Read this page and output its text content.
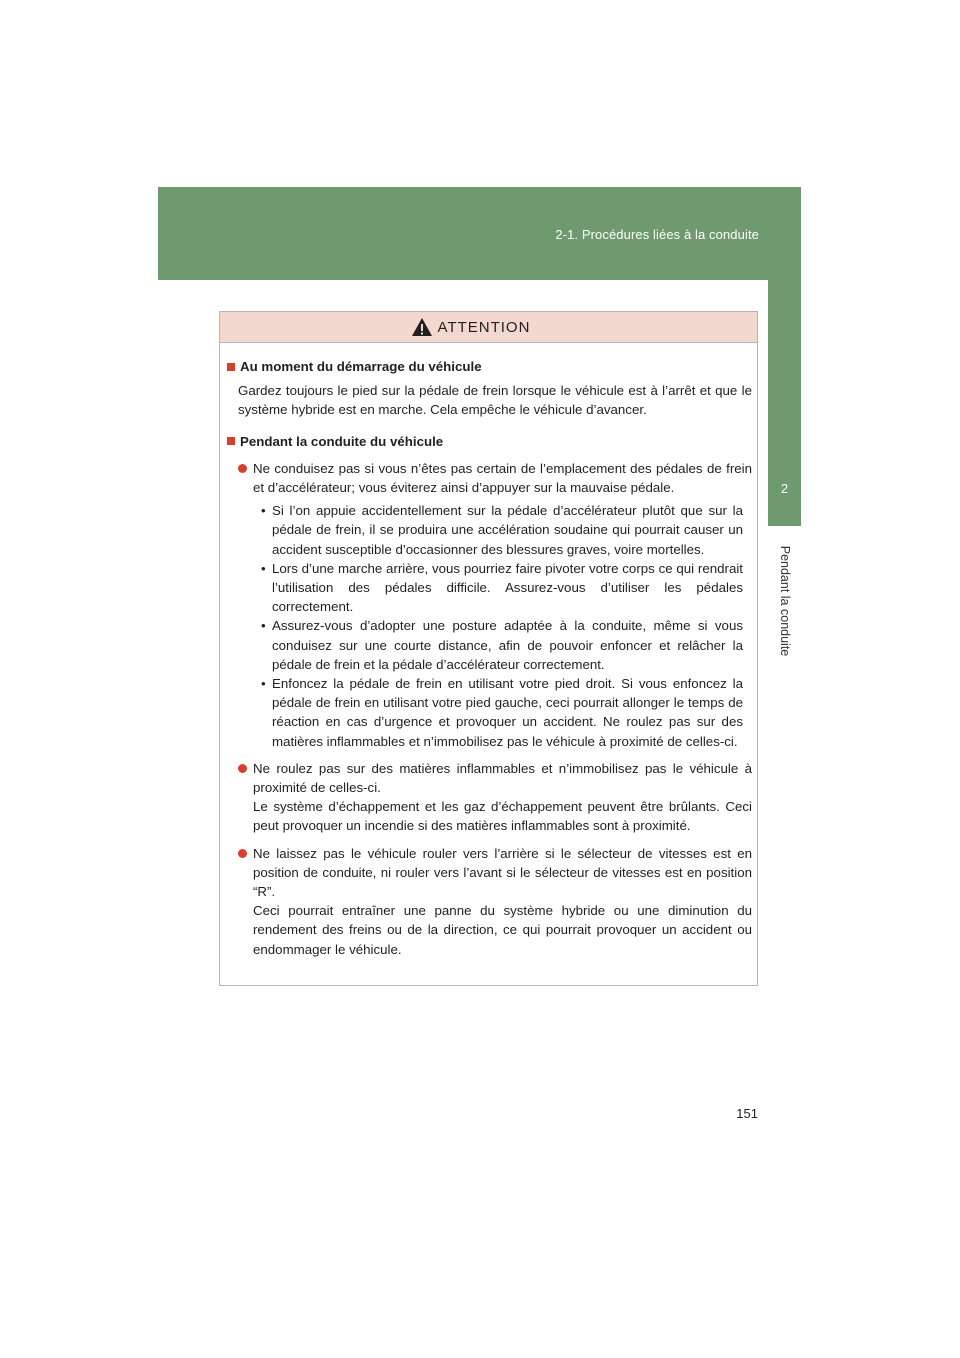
2-1. Procédures liées à la conduite
2
Pendant la conduite
ATTENTION
Au moment du démarrage du véhicule
Gardez toujours le pied sur la pédale de frein lorsque le véhicule est à l’arrêt et que le système hybride est en marche. Cela empêche le véhicule d’avancer.
Pendant la conduite du véhicule
Ne conduisez pas si vous n’êtes pas certain de l’emplacement des pédales de frein et d’accélérateur; vous éviterez ainsi d’appuyer sur la mauvaise pédale.
• Si l’on appuie accidentellement sur la pédale d’accélérateur plutôt que sur la pédale de frein, il se produira une accélération soudaine qui pourrait causer un accident susceptible d’occasionner des blessures graves, voire mortelles.
• Lors d’une marche arrière, vous pourriez faire pivoter votre corps ce qui rendrait l’utilisation des pédales difficile. Assurez-vous d’utiliser les pédales correctement.
• Assurez-vous d’adopter une posture adaptée à la conduite, même si vous conduisez sur une courte distance, afin de pouvoir enfoncer et relâcher la pédale de frein et la pédale d’accélérateur correctement.
• Enfoncez la pédale de frein en utilisant votre pied droit. Si vous enfoncez la pédale de frein en utilisant votre pied gauche, ceci pourrait allonger le temps de réaction en cas d’urgence et provoquer un accident. Ne roulez pas sur des matières inflammables et n’immobilisez pas le véhicule à proximité de celles-ci.
Ne roulez pas sur des matières inflammables et n’immobilisez pas le véhicule à proximité de celles-ci.
Le système d’échappement et les gaz d’échappement peuvent être brûlants. Ceci peut provoquer un incendie si des matières inflammables sont à proximité.
Ne laissez pas le véhicule rouler vers l’arrière si le sélecteur de vitesses est en position de conduite, ni rouler vers l’avant si le sélecteur de vitesses est en position “R”.
Ceci pourrait entraîner une panne du système hybride ou une diminution du rendement des freins ou de la direction, ce qui pourrait provoquer un accident ou endommager le véhicule.
151
